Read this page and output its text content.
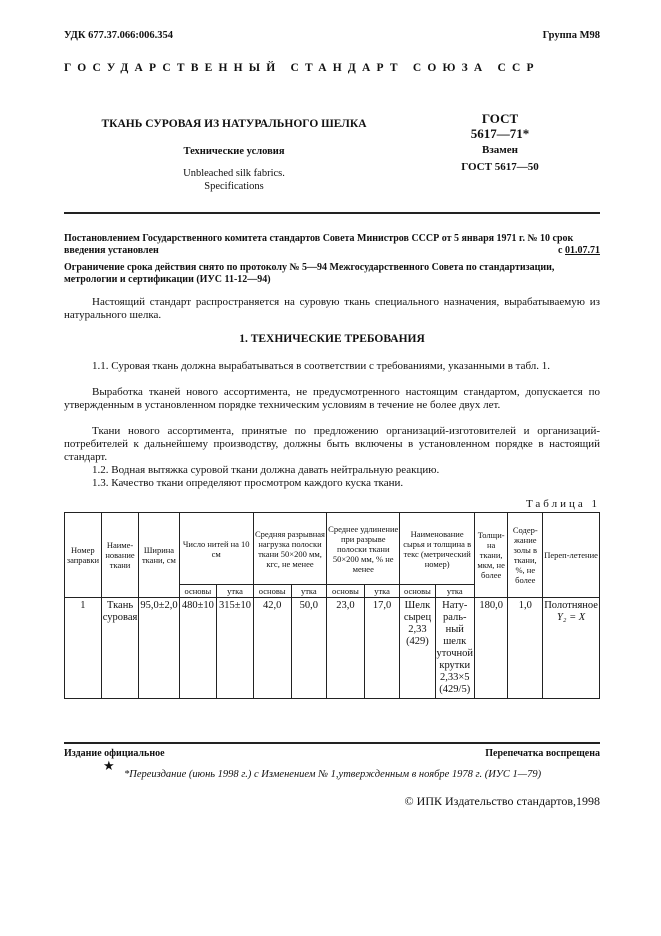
УДК 677.37.066:006.354	Группа М98
ГОСУДАРСТВЕННЫЙ СТАНДАРТ СОЮЗА ССР
ТКАНЬ СУРОВАЯ ИЗ НАТУРАЛЬНОГО ШЕЛКА
Технические условия
Unbleached silk fabrics.
Specifications
ГОСТ
5617—71*
Взамен
ГОСТ 5617—50
Постановлением Государственного комитета стандартов Совета Министров СССР от 5 января 1971 г. № 10 срок
введения установлен	с 01.07.71
Ограничение срока действия снято по протоколу № 5—94 Межгосударственного Совета по стандартизации, метрологии и сертификации (ИУС 11-12—94)
Настоящий стандарт распространяется на суровую ткань специального назначения, вырабатываемую из натурального шелка.
1. ТЕХНИЧЕСКИЕ ТРЕБОВАНИЯ
1.1. Суровая ткань должна вырабатываться в соответствии с требованиями, указанными в табл. 1.
Выработка тканей нового ассортимента, не предусмотренного настоящим стандартом, допускается по утвержденным в установленном порядке техническим условиям в течение не более двух лет.
Ткани нового ассортимента, принятые по предложению организаций-изготовителей и организаций-потребителей к дальнейшему производству, должны быть включены в установленном порядке в настоящий стандарт.
1.2. Водная вытяжка суровой ткани должна давать нейтральную реакцию.
1.3. Качество ткани определяют просмотром каждого куска ткани.
Таблица 1
Номер заправки	Наиме-нование ткани	Ширина ткани, см	Число нитей на 10 см		Средняя разрывная нагрузка полоски ткани 50×200 мм, кгс, не менее		Среднее удлинение при разрыве полоски ткани 50×200 мм, % не менее		Наименование сырья и толщина в текс (метрический номер)		Толщи-на ткани, мкм, не более	Содер-жание золы в ткани, %, не более	Переп-летение
			основы	утка	основы	утка	основы	утка	основы	утка			
1	Ткань суровая	95,0±2,0	480±10	315±10	42,0	50,0	23,0	17,0	Шелк сырец 2,33 (429)	Нату-раль-ный шелк уточной крутки 2,33×5 (429/5)	180,0	1,0	Полотняное
Y₂ = X
Издание официальное	Перепечатка воспрещена
★
*Переиздание (июнь 1998 г.) с Изменением № 1,утвержденным в ноябре 1978 г. (ИУС 1—79)
© ИПК Издательство стандартов,1998
